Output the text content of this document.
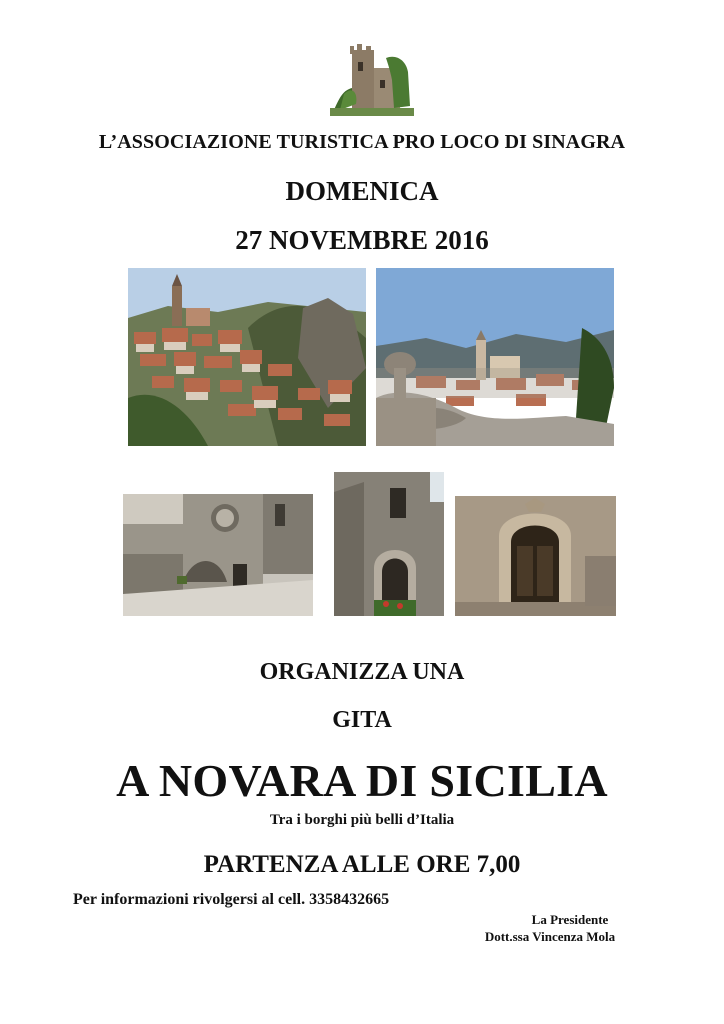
L’ASSOCIAZIONE TURISTICA PRO LOCO DI SINAGRA
DOMENICA
27 NOVEMBRE 2016
ORGANIZZA UNA
GITA
A NOVARA DI SICILIA
Tra i borghi più belli d’Italia
PARTENZA ALLE ORE 7,00
Per informazioni rivolgersi al cell. 3358432665
La Presidente
Dott.ssa Vincenza Mola
